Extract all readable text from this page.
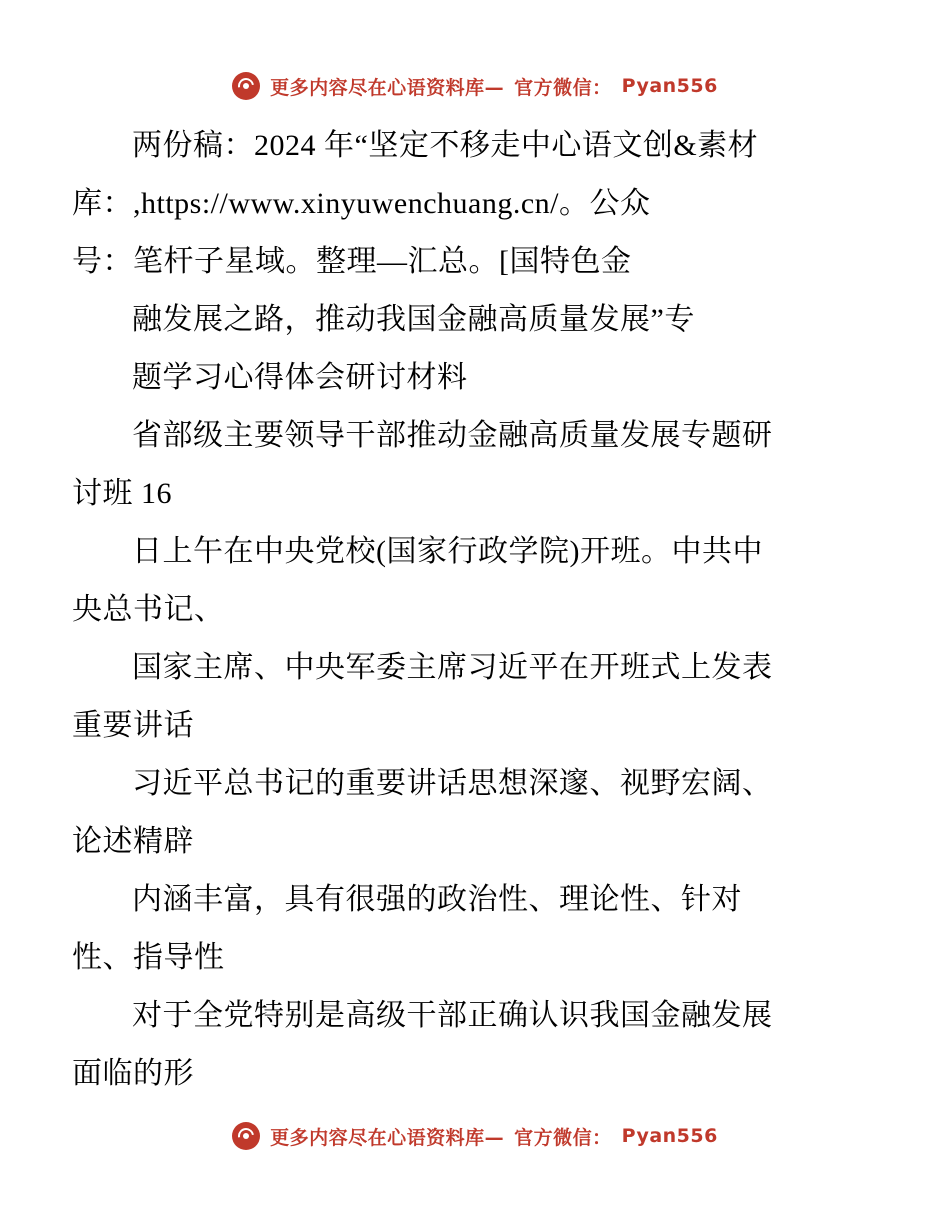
更多内容尽在心语资料库— 官方微信： Pyan556

两份稿：2024 年“坚定不移走中心语文创&素材

库：,https://www.xinyuwenchuang.cn/。公众

号：笔杆子星域。整理—汇总。[国特色金

融发展之路，推动我国金融高质量发展”专

题学习心得体会研讨材料

省部级主要领导干部推动金融高质量发展专题研

讨班 16

日上午在中央党校(国家行政学院)开班。中共中

央总书记、

国家主席、中央军委主席习近平在开班式上发表

重要讲话

习近平总书记的重要讲话思想深邃、视野宏阔、

论述精辟

内涵丰富，具有很强的政治性、理论性、针对

性、指导性

对于全党特别是高级干部正确认识我国金融发展

面临的形

更多内容尽在心语资料库— 官方微信： Pyan556
